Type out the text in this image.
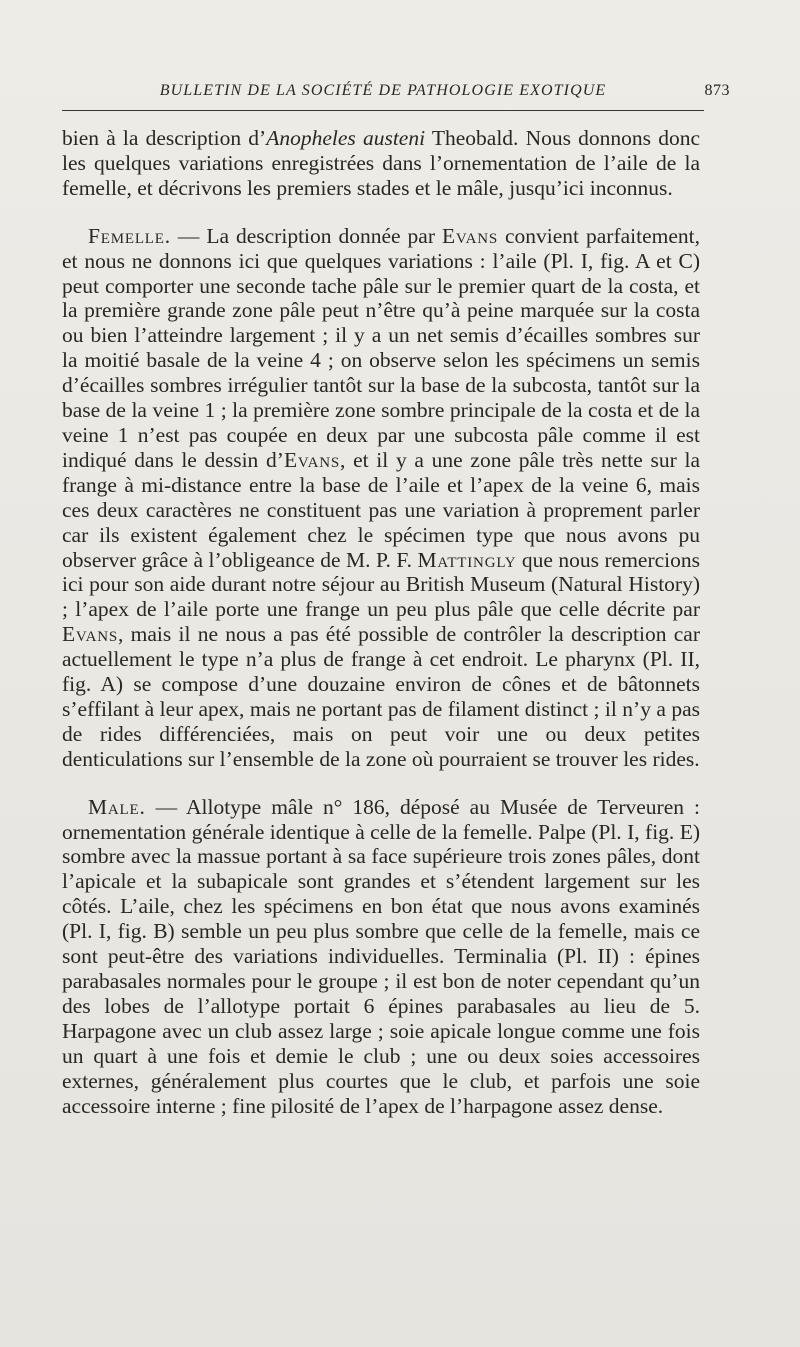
BULLETIN DE LA SOCIÉTÉ DE PATHOLOGIE EXOTIQUE	873

bien à la description d’Anopheles austeni Theobald. Nous donnons donc les quelques variations enregistrées dans l’ornementation de l’aile de la femelle, et décrivons les premiers stades et le mâle, jusqu’ici inconnus.

Femelle. — La description donnée par Evans convient parfaitement, et nous ne donnons ici que quelques variations : l’aile (Pl. I, fig. A et C) peut comporter une seconde tache pâle sur le premier quart de la costa, et la première grande zone pâle peut n’être qu’à peine marquée sur la costa ou bien l’atteindre largement ; il y a un net semis d’écailles sombres sur la moitié basale de la veine 4 ; on observe selon les spécimens un semis d’écailles sombres irrégulier tantôt sur la base de la subcosta, tantôt sur la base de la veine 1 ; la première zone sombre principale de la costa et de la veine 1 n’est pas coupée en deux par une subcosta pâle comme il est indiqué dans le dessin d’Evans, et il y a une zone pâle très nette sur la frange à mi-distance entre la base de l’aile et l’apex de la veine 6, mais ces deux caractères ne constituent pas une variation à proprement parler car ils existent également chez le spécimen type que nous avons pu observer grâce à l’obligeance de M. P. F. Mattingly que nous remercions ici pour son aide durant notre séjour au British Museum (Natural History) ; l’apex de l’aile porte une frange un peu plus pâle que celle décrite par Evans, mais il ne nous a pas été possible de contrôler la description car actuellement le type n’a plus de frange à cet endroit. Le pharynx (Pl. II, fig. A) se compose d’une douzaine environ de cônes et de bâtonnets s’effilant à leur apex, mais ne portant pas de filament distinct ; il n’y a pas de rides différenciées, mais on peut voir une ou deux petites denticulations sur l’ensemble de la zone où pourraient se trouver les rides.

Male. — Allotype mâle n° 186, déposé au Musée de Terveuren : ornementation générale identique à celle de la femelle. Palpe (Pl. I, fig. E) sombre avec la massue portant à sa face supérieure trois zones pâles, dont l’apicale et la subapicale sont grandes et s’étendent largement sur les côtés. L’aile, chez les spécimens en bon état que nous avons examinés (Pl. I, fig. B) semble un peu plus sombre que celle de la femelle, mais ce sont peut-être des variations individuelles. Terminalia (Pl. II) : épines parabasales normales pour le groupe ; il est bon de noter cependant qu’un des lobes de l’allotype portait 6 épines parabasales au lieu de 5. Harpagone avec un club assez large ; soie apicale longue comme une fois un quart à une fois et demie le club ; une ou deux soies accessoires externes, généralement plus courtes que le club, et parfois une soie accessoire interne ; fine pilosité de l’apex de l’harpagone assez dense.
